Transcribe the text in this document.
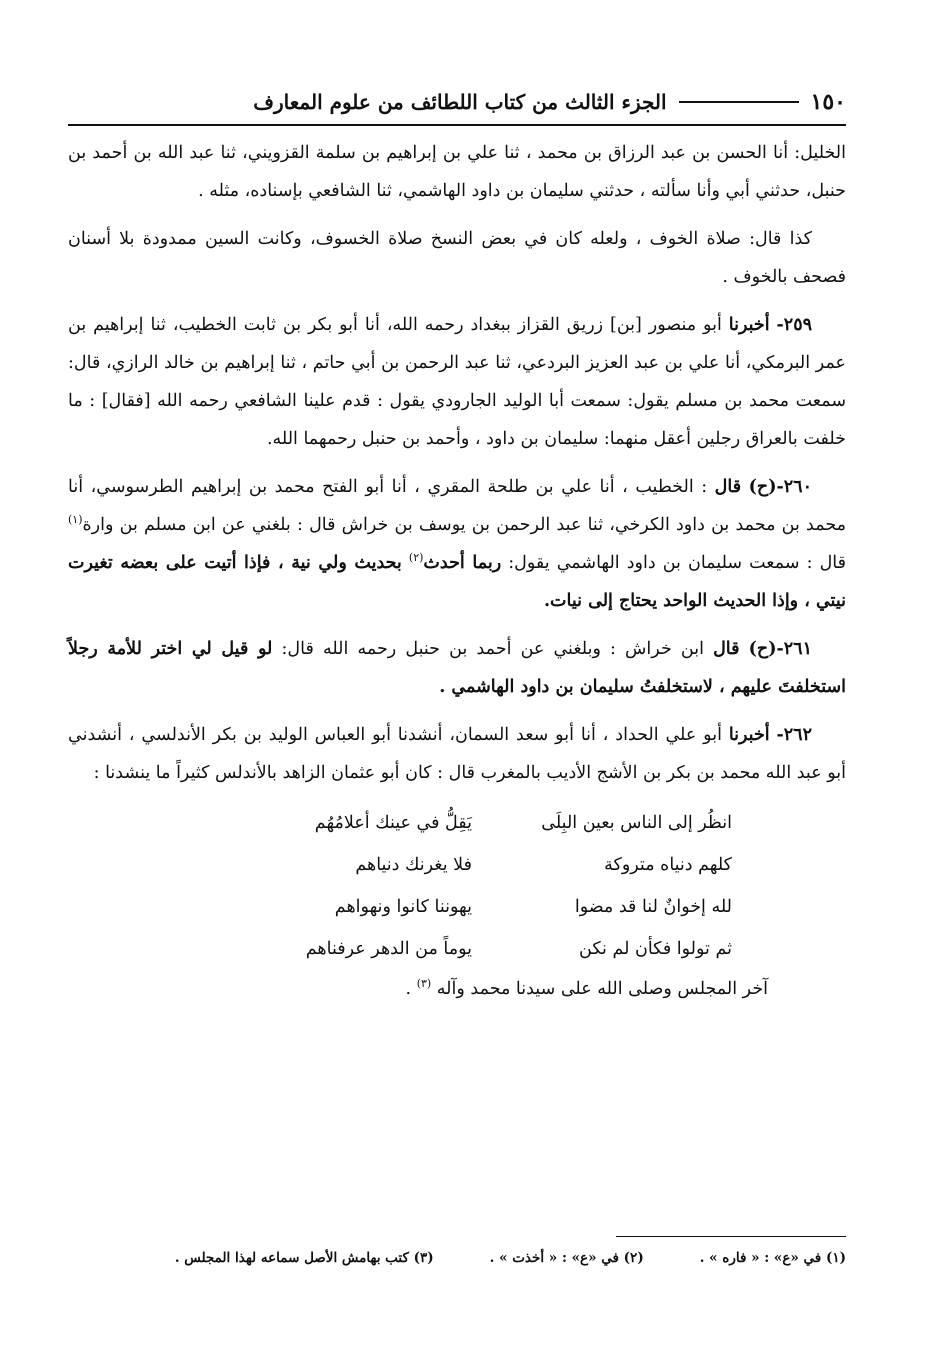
١٥٠
الجزء الثالث من كتاب اللطائف من علوم المعارف

الخليل: أنا الحسن بن عبد الرزاق بن محمد ، ثنا علي بن إبراهيم بن سلمة القزويني، ثنا عبد الله بن أحمد بن حنبل، حدثني أبي وأنا سألته ، حدثني سليمان بن داود الهاشمي، ثنا الشافعي بإسناده، مثله .

كذا قال: صلاة الخوف ، ولعله كان في بعض النسخ صلاة الخسوف، وكانت السين ممدودة بلا أسنان فصحف بالخوف .

٢٥٩- أخبرنا أبو منصور [بن] زريق القزاز ببغداد رحمه الله، أنا أبو بكر بن ثابت الخطيب، ثنا إبراهيم بن عمر البرمكي، أنا علي بن عبد العزيز البردعي، ثنا عبد الرحمن بن أبي حاتم ، ثنا إبراهيم بن خالد الرازي، قال: سمعت محمد بن مسلم يقول: سمعت أبا الوليد الجارودي يقول : قدم علينا الشافعي رحمه الله [فقال] : ما خلفت بالعراق رجلين أعقل منهما: سليمان بن داود ، وأحمد بن حنبل رحمهما الله.

٢٦٠-(ح) قال : الخطيب ، أنا علي بن طلحة المقري ، أنا أبو الفتح محمد بن إبراهيم الطرسوسي، أنا محمد بن محمد بن داود الكرخي، ثنا عبد الرحمن بن يوسف بن خراش قال : بلغني عن ابن مسلم بن وارة$^{(١)}$ قال : سمعت سليمان بن داود الهاشمي يقول: ربما أحدث$^{(٢)}$ بحديث ولي نية ، فإذا أتيت على بعضه تغيرت نيتي ، وإذا الحديث الواحد يحتاج إلى نيات.

٢٦١-(ح) قال ابن خراش : وبلغني عن أحمد بن حنبل رحمه الله قال: لو قيل لي اختر للأمة رجلاً استخلفتَ عليهم ، لاستخلفتُ سليمان بن داود الهاشمي .

٢٦٢- أخبرنا أبو علي الحداد ، أنا أبو سعد السمان، أنشدنا أبو العباس الوليد بن بكر الأندلسي ، أنشدني أبو عبد الله محمد بن بكر بن الأشج الأديب بالمغرب قال : كان أبو عثمان الزاهد بالأندلس كثيراً ما ينشدنا :

انظُر إلى الناس بعين البِلَى
يَقِلُّ في عينك أعلامُهُم
كلهم دنياه متروكة
فلا يغرنك دنياهم
لله إخوانٌ لنا قد مضوا
يهوننا كانوا ونهواهم
ثم تولوا فكأن لم نكن
يوماً من الدهر عرفناهم
آخر المجلس وصلى الله على سيدنا محمد وآله $^{(٣)}$ .
(١) في «ع» : « فاره » .
(٢) في «ع» : « أخذت » .
(٣) كتب بهامش الأصل سماعه لهذا المجلس .
